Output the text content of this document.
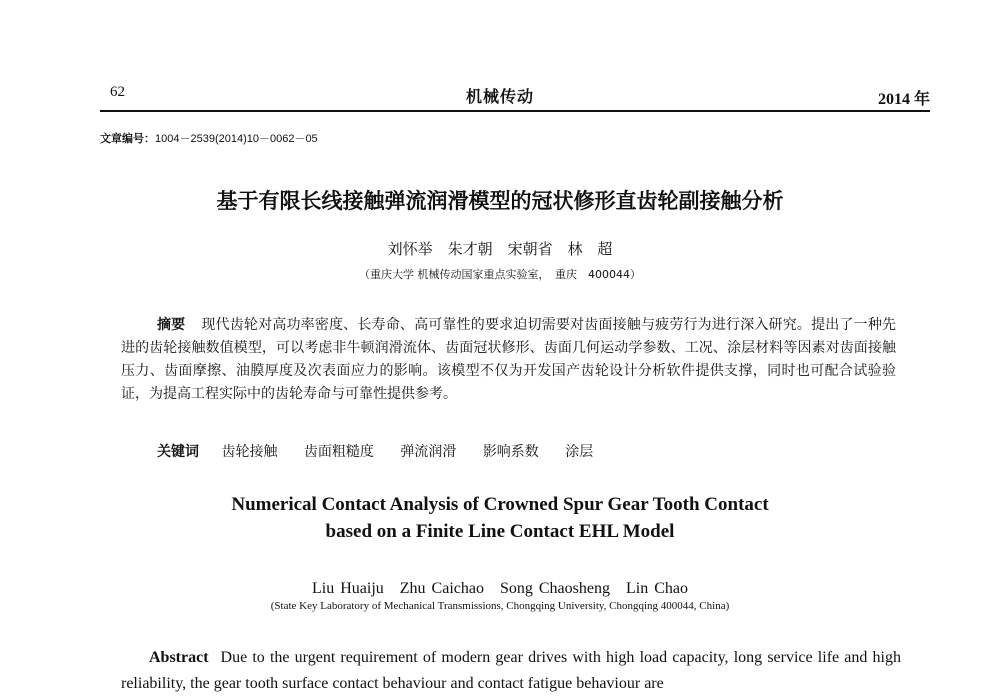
62	机械传动	2014 年
文章编号：1004－2539(2014)10－0062－05
基于有限长线接触弹流润滑模型的冠状修形直齿轮副接触分析
刘怀举　朱才朝　宋朝省　林 超
（重庆大学 机械传动国家重点实验室，　重庆　400044）
摘要 现代齿轮对高功率密度、长寿命、高可靠性的要求迫切需要对齿面接触与疲劳行为进行深入研究。提出了一种先进的齿轮接触数值模型，可以考虑非牛顿润滑流体、齿面冠状修形、齿面几何运动学参数、工况、涂层材料等因素对齿面接触压力、齿面摩擦、油膜厚度及次表面应力的影响。该模型不仅为开发国产齿轮设计分析软件提供支撑，同时也可配合试验验证，为提高工程实际中的齿轮寿命与可靠性提供参考。
关键词 齿轮接触 齿面粗糙度 弹流润滑 影响系数 涂层
Numerical Contact Analysis of Crowned Spur Gear Tooth Contact
based on a Finite Line Contact EHL Model
Liu Huaiju　Zhu Caichao　Song Chaosheng　Lin Chao
(State Key Laboratory of Mechanical Transmissions, Chongqing University, Chongqing 400044, China)
Abstract Due to the urgent requirement of modern gear drives with high load capacity, long service life and high reliability, the gear tooth surface contact behaviour and contact fatigue behaviour are
